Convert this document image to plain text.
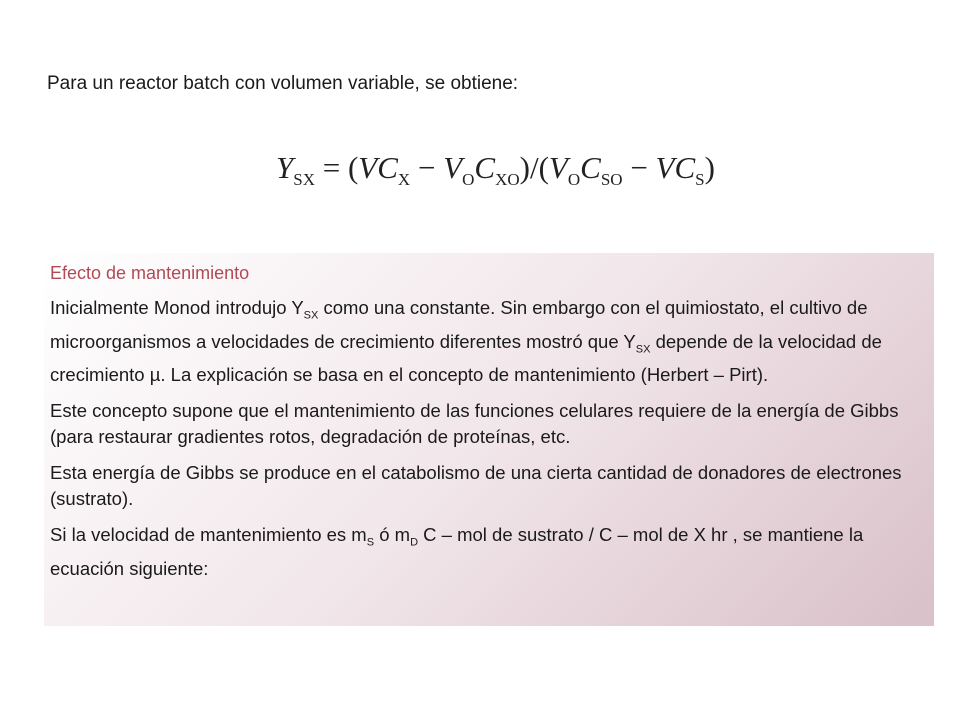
Para un reactor batch con volumen variable, se obtiene:
$Y_{SX} = (VC_X - V_OC_{XO})/(V_OC_{SO} - VC_S)$
Efecto de mantenimiento

Inicialmente Monod introdujo $Y_{SX}$ como una constante. Sin embargo con el quimiostato, el cultivo de microorganismos a velocidades de crecimiento diferentes mostró que $Y_{SX}$ depende de la velocidad de crecimiento µ. La explicación se basa en el concepto de mantenimiento (Herbert – Pirt).

Este concepto supone que el mantenimiento de las funciones celulares requiere de la energía de Gibbs (para restaurar gradientes rotos, degradación de proteínas, etc.

Esta energía de Gibbs se produce en el catabolismo de una cierta cantidad de donadores de electrones (sustrato).

Si la velocidad de mantenimiento es $m_S$ ó $m_D$ C – mol de sustrato / C – mol de X hr , se mantiene la ecuación siguiente:
